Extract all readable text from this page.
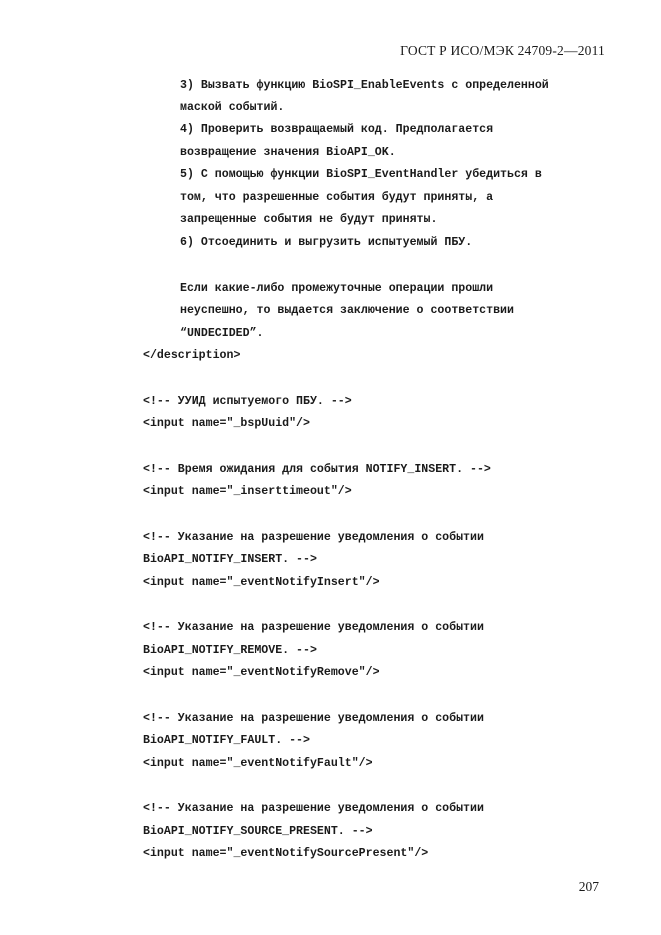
ГОСТ Р ИСО/МЭК 24709-2—2011
3) Вызвать функцию BioSPI_EnableEvents с определенной
маской событий.
4) Проверить возвращаемый код. Предполагается
возвращение значения BioAPI_OK.
5) С помощью функции BioSPI_EventHandler убедиться в
том, что разрешенные события будут приняты, а
запрещенные события не будут приняты.
6) Отсоединить и выгрузить испытуемый ПБУ.
Если какие-либо промежуточные операции прошли
неуспешно, то выдается заключение о соответствии
“UNDECIDED”.
</description>
<!-- УУИД испытуемого ПБУ. -->
<input name="_bspUuid"/>
<!-- Время ожидания для события NOTIFY_INSERT. -->
<input name="_inserttimeout"/>
<!-- Указание на разрешение уведомления о событии
BioAPI_NOTIFY_INSERT. -->
<input name="_eventNotifyInsert"/>
<!-- Указание на разрешение уведомления о событии
BioAPI_NOTIFY_REMOVE. -->
<input name="_eventNotifyRemove"/>
<!-- Указание на разрешение уведомления о событии
BioAPI_NOTIFY_FAULT. -->
<input name="_eventNotifyFault"/>
<!-- Указание на разрешение уведомления о событии
BioAPI_NOTIFY_SOURCE_PRESENT. -->
<input name="_eventNotifySourcePresent"/>
207
